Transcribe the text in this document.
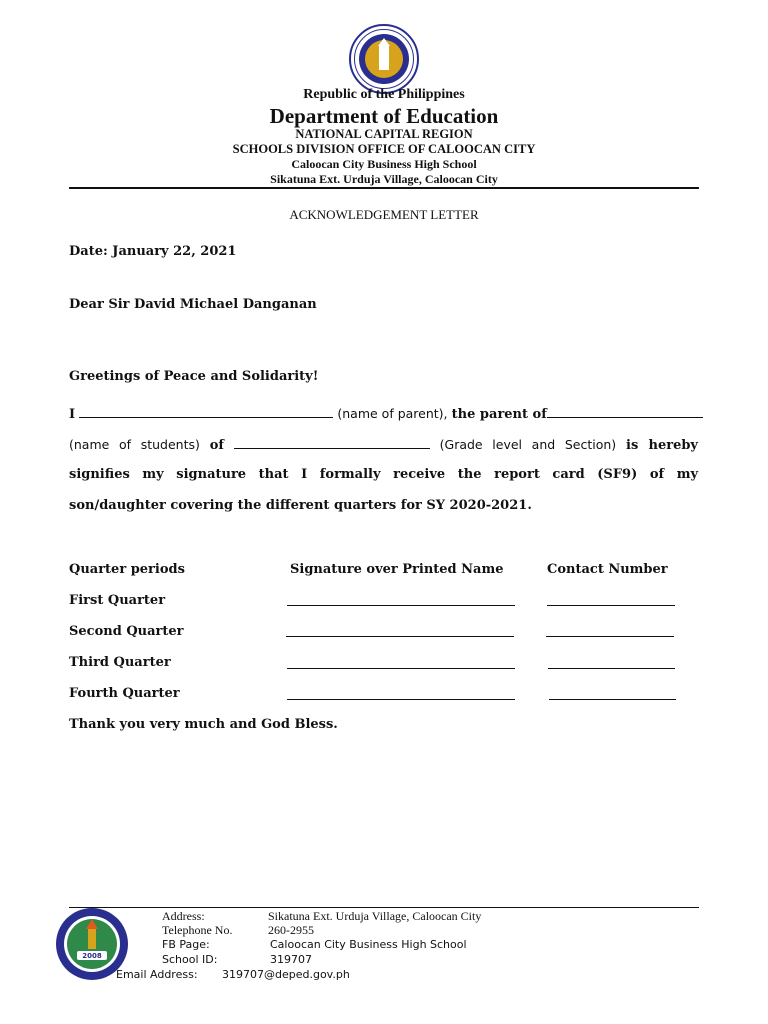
Republic of the Philippines
Department of Education
NATIONAL CAPITAL REGION
SCHOOLS DIVISION OFFICE OF CALOOCAN CITY
Caloocan City Business High School
Sikatuna Ext. Urduja Village, Caloocan City
ACKNOWLEDGEMENT LETTER
Date: January 22, 2021
Dear Sir David Michael Danganan
Greetings of Peace and Solidarity!
I	(name of parent), the parent of
(name of students) of	(Grade level and Section) is hereby
signifies my signature that I formally receive the report card (SF9) of my
son/daughter covering the different quarters for SY 2020-2021.
Quarter periods	Signature over Printed Name	Contact Number
First Quarter
Second Quarter
Third Quarter
Fourth Quarter
Thank you very much and God Bless.
2008
Address:	Sikatuna Ext. Urduja Village, Caloocan City
Telephone No.	260-2955
FB Page:	Caloocan City Business High School
School ID:	319707
Email Address: 319707@deped.gov.ph
